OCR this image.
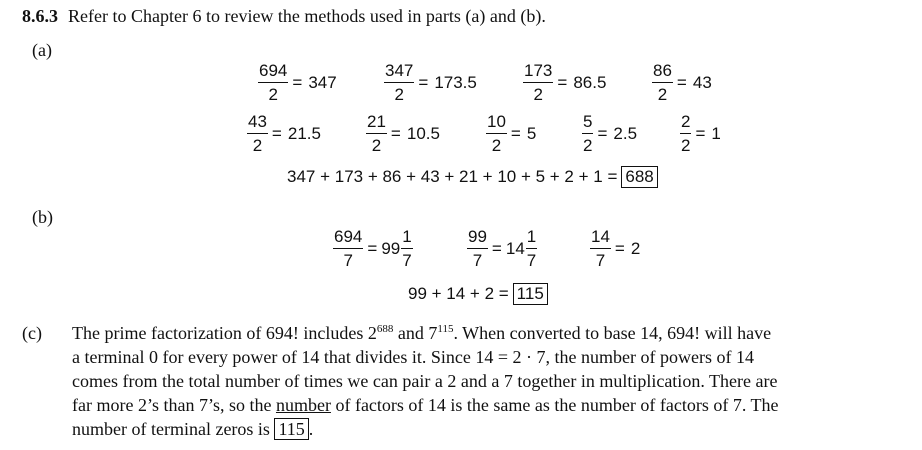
8.6.3 Refer to Chapter 6 to review the methods used in parts (a) and (b).
(a)
$\frac{694}{2} = 347$	$\frac{347}{2} = 173.5$	$\frac{173}{2} = 86.5$	$\frac{86}{2} = 43$
$\frac{43}{2} = 21.5$	$\frac{21}{2} = 10.5$	$\frac{10}{2} = 5$	$\frac{5}{2} = 2.5$	$\frac{2}{2} = 1$
347 + 173 + 86 + 43 + 21 + 10 + 5 + 2 + 1 = 688
(b)
$\frac{694}{7} = 99 \frac{1}{7}$	$\frac{99}{7} = 14 \frac{1}{7}$	$\frac{14}{7} = 2$
99 + 14 + 2 = 115
(c) The prime factorization of 694! includes $2^{688}$ and $7^{115}$. When converted to base 14, 694! will have
a terminal 0 for every power of 14 that divides it. Since 14 = 2 · 7, the number of powers of 14
comes from the total number of times we can pair a 2 and a 7 together in multiplication. There are
far more 2’s than 7’s, so the number of factors of 14 is the same as the number of factors of 7. The
number of terminal zeros is 115 .
